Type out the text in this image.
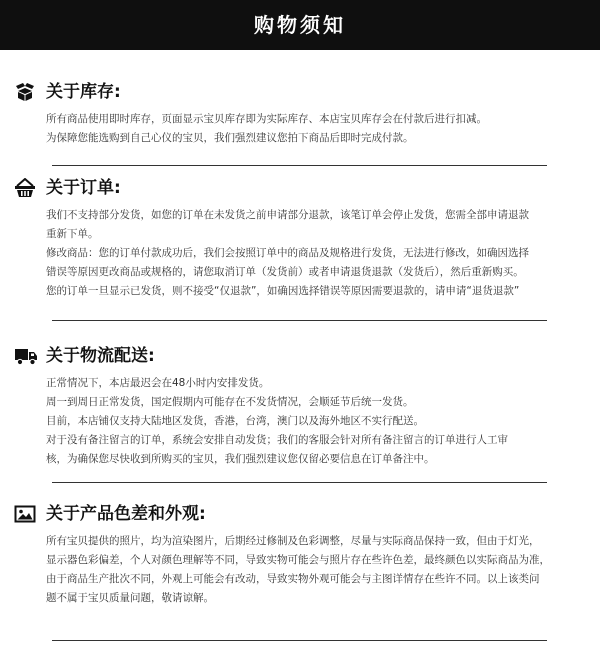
购物须知
关于库存:
所有商品使用即时库存，页面显示宝贝库存即为实际库存、本店宝贝库存会在付款后进行扣减。
为保障您能选购到自己心仪的宝贝，我们强烈建议您拍下商品后即时完成付款。
关于订单:
我们不支持部分发货，如您的订单在未发货之前申请部分退款，该笔订单会停止发货，您需全部申请退款
重新下单。
修改商品：您的订单付款成功后，我们会按照订单中的商品及规格进行发货，无法进行修改，如确因选择
错误等原因更改商品或规格的，请您取消订单（发货前）或者申请退货退款（发货后），然后重新购买。
您的订单一旦显示已发货，则不接受“仅退款”，如确因选择错误等原因需要退款的，请申请“退货退款”
关于物流配送:
正常情况下，本店最迟会在48小时内安排发货。
周一到周日正常发货，国定假期内可能存在不发货情况，会顺延节后统一发货。
目前，本店铺仅支持大陆地区发货，香港，台湾，澳门以及海外地区不实行配送。
对于没有备注留言的订单，系统会安排自动发货；我们的客服会针对所有备注留言的订单进行人工审
核，为确保您尽快收到所购买的宝贝，我们强烈建议您仅留必要信息在订单备注中。
关于产品色差和外观:
所有宝贝提供的照片，均为渲染图片，后期经过修制及色彩调整，尽量与实际商品保持一致，但由于灯光，
显示器色彩偏差，个人对颜色理解等不同，导致实物可能会与照片存在些许色差，最终颜色以实际商品为准，
由于商品生产批次不同，外观上可能会有改动，导致实物外观可能会与主图详情存在些许不同。以上该类问
题不属于宝贝质量问题，敬请谅解。
